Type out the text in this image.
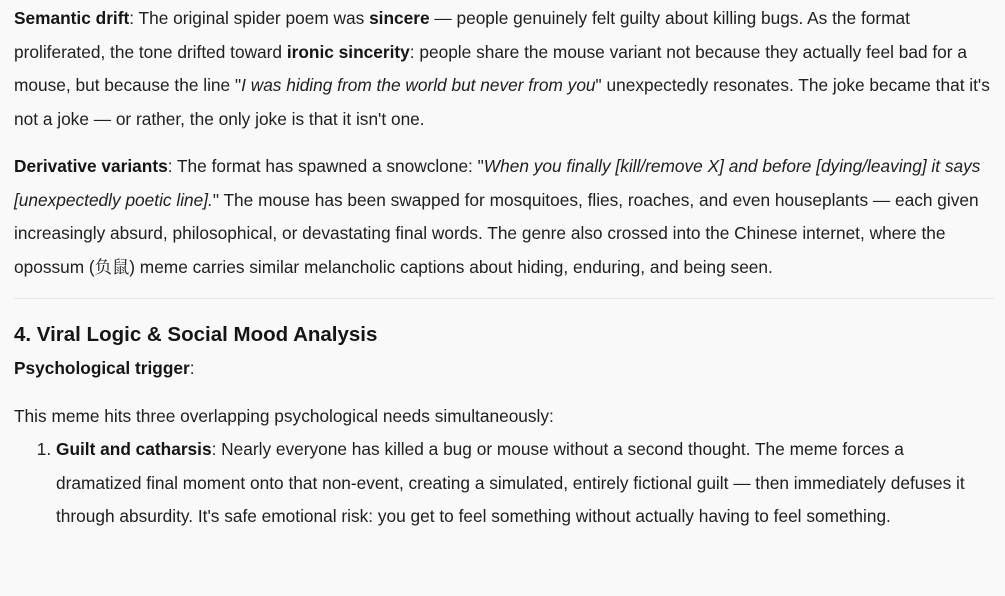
Semantic drift: The original spider poem was sincere — people genuinely felt guilty about killing bugs. As the format proliferated, the tone drifted toward ironic sincerity: people share the mouse variant not because they actually feel bad for a mouse, but because the line "I was hiding from the world but never from you" unexpectedly resonates. The joke became that it's not a joke — or rather, the only joke is that it isn't one.

Derivative variants: The format has spawned a snowclone: "When you finally [kill/remove X] and before [dying/leaving] it says [unexpectedly poetic line]." The mouse has been swapped for mosquitoes, flies, roaches, and even houseplants — each given increasingly absurd, philosophical, or devastating final words. The genre also crossed into the Chinese internet, where the opossum (负鼠) meme carries similar melancholic captions about hiding, enduring, and being seen.

4. Viral Logic & Social Mood Analysis

Psychological trigger:

This meme hits three overlapping psychological needs simultaneously:

1. Guilt and catharsis: Nearly everyone has killed a bug or mouse without a second thought. The meme forces a dramatized final moment onto that non-event, creating a simulated, entirely fictional guilt — then immediately defuses it through absurdity. It's safe emotional risk: you get to feel something without actually having to feel something.
